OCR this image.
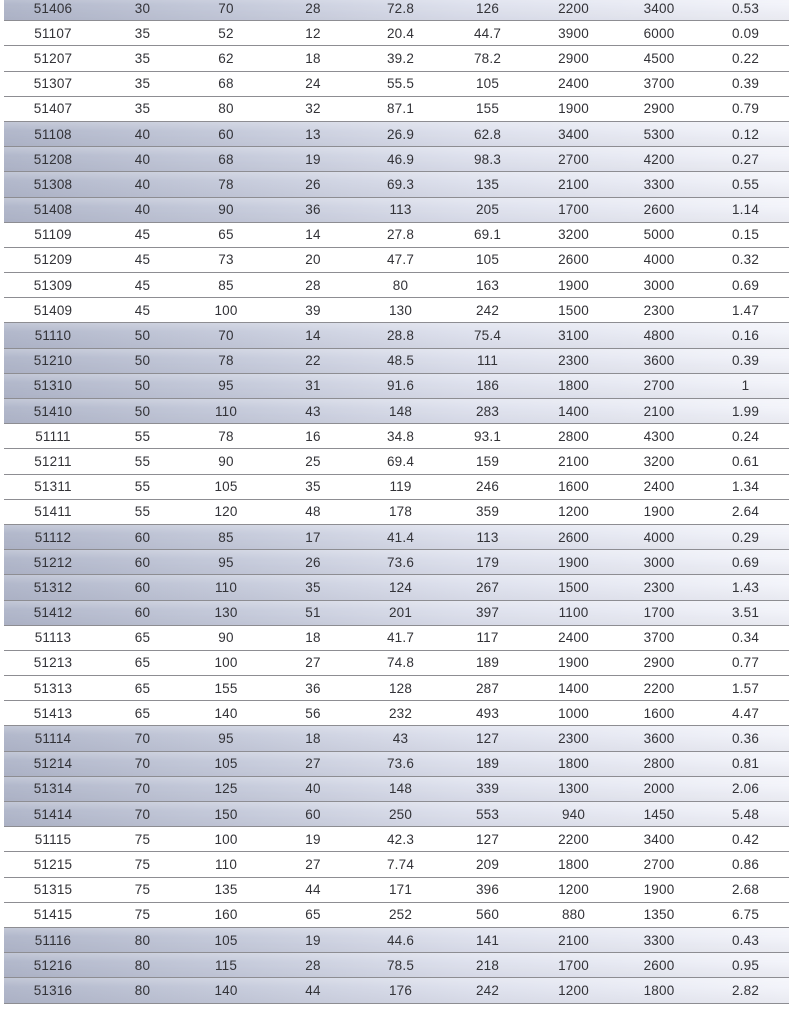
51406	30	70	28	72.8	126	2200	3400	0.53
51107	35	52	12	20.4	44.7	3900	6000	0.09
51207	35	62	18	39.2	78.2	2900	4500	0.22
51307	35	68	24	55.5	105	2400	3700	0.39
51407	35	80	32	87.1	155	1900	2900	0.79
51108	40	60	13	26.9	62.8	3400	5300	0.12
51208	40	68	19	46.9	98.3	2700	4200	0.27
51308	40	78	26	69.3	135	2100	3300	0.55
51408	40	90	36	113	205	1700	2600	1.14
51109	45	65	14	27.8	69.1	3200	5000	0.15
51209	45	73	20	47.7	105	2600	4000	0.32
51309	45	85	28	80	163	1900	3000	0.69
51409	45	100	39	130	242	1500	2300	1.47
51110	50	70	14	28.8	75.4	3100	4800	0.16
51210	50	78	22	48.5	111	2300	3600	0.39
51310	50	95	31	91.6	186	1800	2700	1
51410	50	110	43	148	283	1400	2100	1.99
51111	55	78	16	34.8	93.1	2800	4300	0.24
51211	55	90	25	69.4	159	2100	3200	0.61
51311	55	105	35	119	246	1600	2400	1.34
51411	55	120	48	178	359	1200	1900	2.64
51112	60	85	17	41.4	113	2600	4000	0.29
51212	60	95	26	73.6	179	1900	3000	0.69
51312	60	110	35	124	267	1500	2300	1.43
51412	60	130	51	201	397	1100	1700	3.51
51113	65	90	18	41.7	117	2400	3700	0.34
51213	65	100	27	74.8	189	1900	2900	0.77
51313	65	155	36	128	287	1400	2200	1.57
51413	65	140	56	232	493	1000	1600	4.47
51114	70	95	18	43	127	2300	3600	0.36
51214	70	105	27	73.6	189	1800	2800	0.81
51314	70	125	40	148	339	1300	2000	2.06
51414	70	150	60	250	553	940	1450	5.48
51115	75	100	19	42.3	127	2200	3400	0.42
51215	75	110	27	7.74	209	1800	2700	0.86
51315	75	135	44	171	396	1200	1900	2.68
51415	75	160	65	252	560	880	1350	6.75
51116	80	105	19	44.6	141	2100	3300	0.43
51216	80	115	28	78.5	218	1700	2600	0.95
51316	80	140	44	176	242	1200	1800	2.82
